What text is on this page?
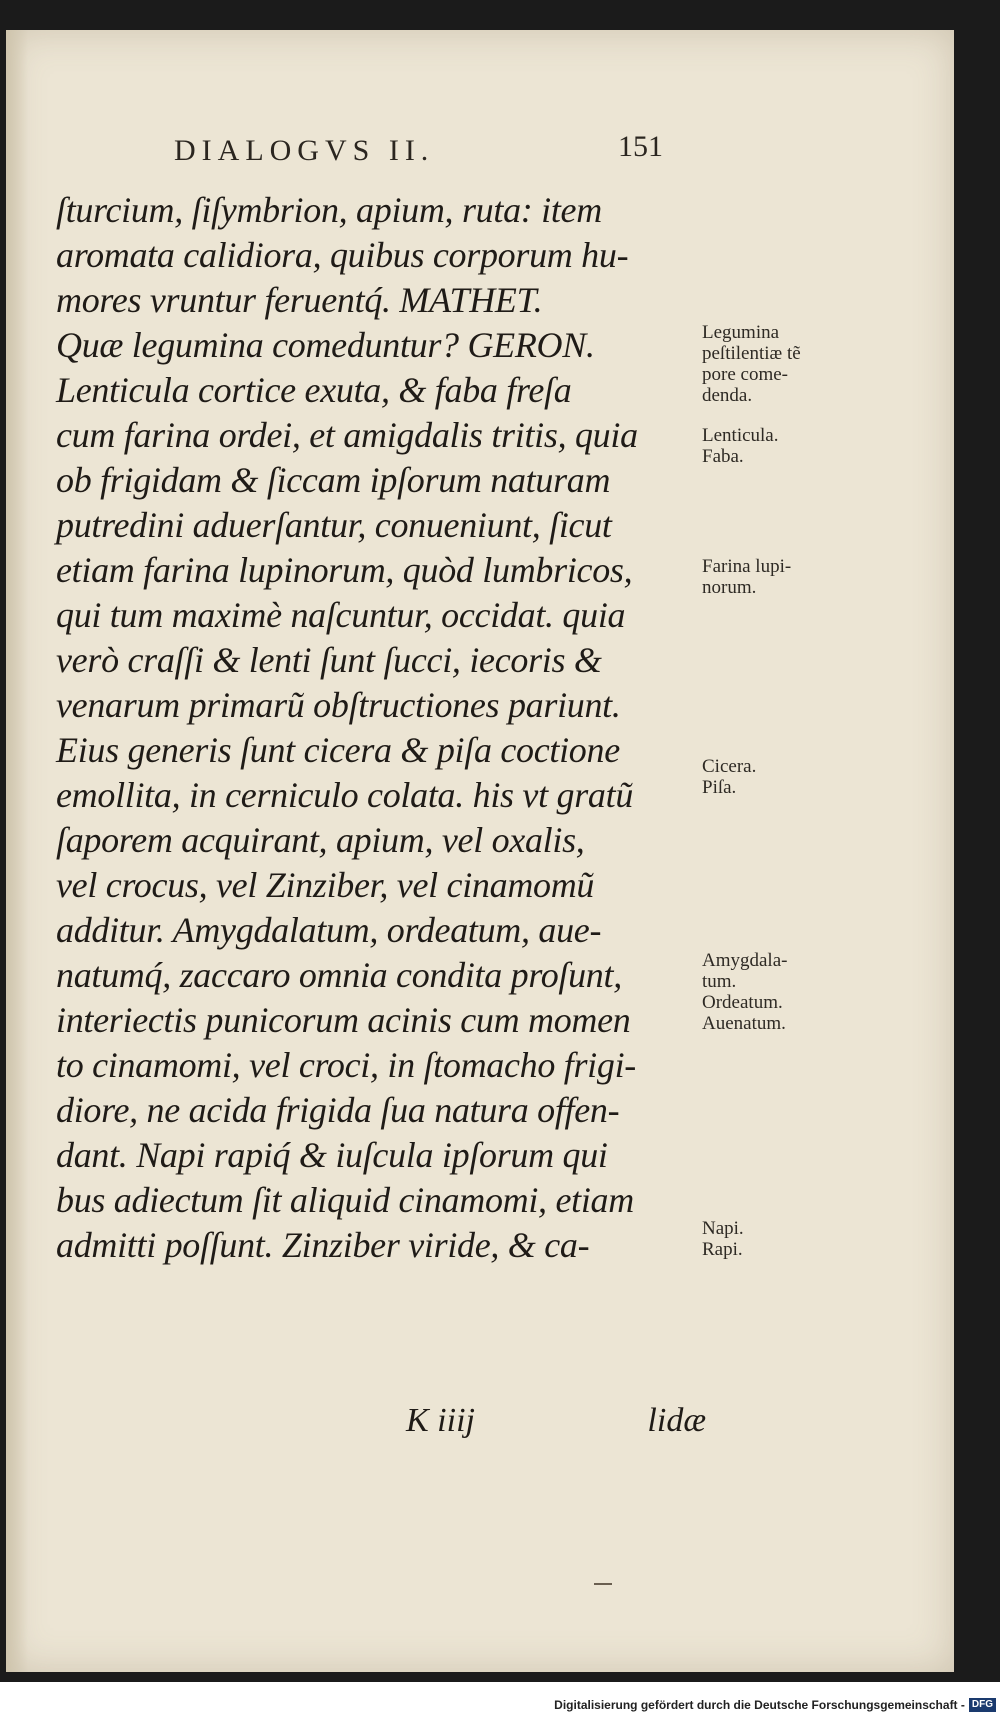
DIALOGVS II.	151
ſturcium, ſiſymbrion, apium, ruta: item
aromata calidiora, quibus corporum hu-
mores vruntur feruentq́. MATHET.
Quæ legumina comeduntur? GERON.
Lenticula cortice exuta, & faba freſa
cum farina ordei, et amigdalis tritis, quia
ob frigidam & ſiccam ipſorum naturam
putredini aduerſantur, conueniunt, ſicut
etiam farina lupinorum, quòd lumbricos,
qui tum maximè naſcuntur, occidat. quia
verò craſſi & lenti ſunt ſucci, iecoris &
venarum primarũ obſtructiones pariunt.
Eius generis ſunt cicera & piſa coctione
emollita, in cerniculo colata. his vt gratũ
ſaporem acquirant, apium, vel oxalis,
vel crocus, vel Zinziber, vel cinamomũ
additur. Amygdalatum, ordeatum, aue-
natumq́, zaccaro omnia condita proſunt,
interiectis punicorum acinis cum momen
to cinamomi, vel croci, in ſtomacho frigi-
diore, ne acida frigida ſua natura offen-
dant. Napi rapiq́ & iuſcula ipſorum qui
bus adiectum ſit aliquid cinamomi, etiam
admitti poſſunt. Zinziber viride, & ca-
K iiij	lidæ
Legumina
peſtilentiæ tẽ
pore come-
denda.
Lenticula.
Faba.
Farina lupi-
norum.
Cicera.
Piſa.
Amygdala-
tum.
Ordeatum.
Auenatum.
Napi.
Rapi.
Digitalisierung gefördert durch die Deutsche Forschungsgemeinschaft - DFG
